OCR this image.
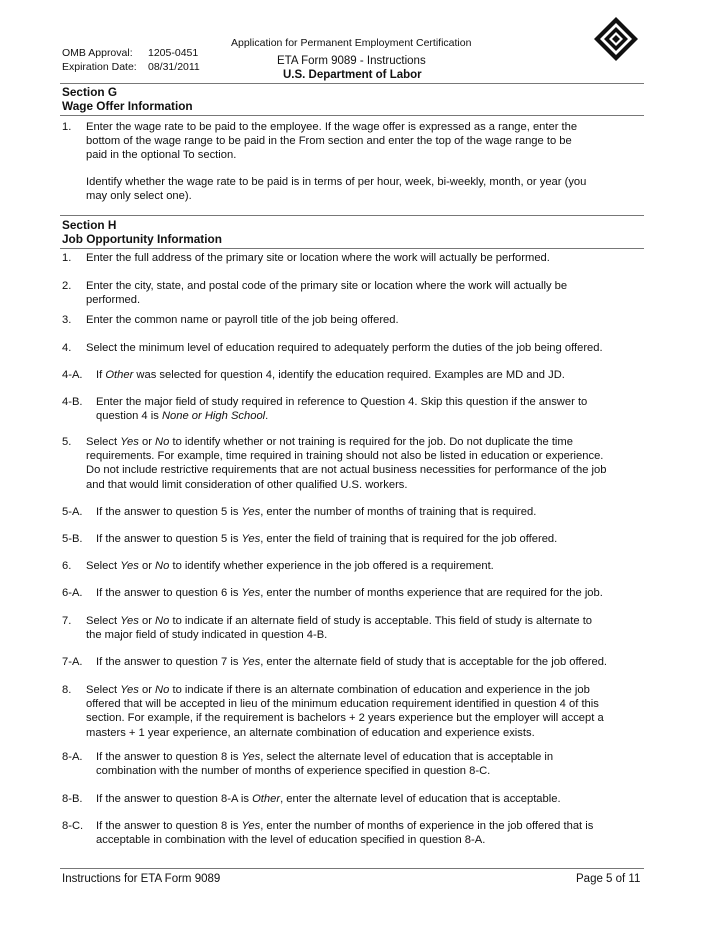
Application for Permanent Employment Certification
OMB Approval: 1205-0451
Expiration Date: 08/31/2011	ETA Form 9089 - Instructions
U.S. Department of Labor
Section G
Wage Offer Information
1.	Enter the wage rate to be paid to the employee. If the wage offer is expressed as a range, enter the
bottom of the wage range to be paid in the From section and enter the top of the wage range to be
paid in the optional To section.
Identify whether the wage rate to be paid is in terms of per hour, week, bi-weekly, month, or year (you
may only select one).
Section H
Job Opportunity Information
1.	Enter the full address of the primary site or location where the work will actually be performed.
2.	Enter the city, state, and postal code of the primary site or location where the work will actually be
performed.
3.	Enter the common name or payroll title of the job being offered.
4.	Select the minimum level of education required to adequately perform the duties of the job being offered.
4-A.	If Other was selected for question 4, identify the education required. Examples are MD and JD.
4-B.	Enter the major field of study required in reference to Question 4. Skip this question if the answer to
question 4 is None or High School.
5.	Select Yes or No to identify whether or not training is required for the job. Do not duplicate the time
requirements. For example, time required in training should not also be listed in education or experience.
Do not include restrictive requirements that are not actual business necessities for performance of the job
and that would limit consideration of other qualified U.S. workers.
5-A.	If the answer to question 5 is Yes, enter the number of months of training that is required.
5-B.	If the answer to question 5 is Yes, enter the field of training that is required for the job offered.
6.	Select Yes or No to identify whether experience in the job offered is a requirement.
6-A.	If the answer to question 6 is Yes, enter the number of months experience that are required for the job.
7.	Select Yes or No to indicate if an alternate field of study is acceptable. This field of study is alternate to
the major field of study indicated in question 4-B.
7-A.	If the answer to question 7 is Yes, enter the alternate field of study that is acceptable for the job offered.
8.	Select Yes or No to indicate if there is an alternate combination of education and experience in the job
offered that will be accepted in lieu of the minimum education requirement identified in question 4 of this
section. For example, if the requirement is bachelors + 2 years experience but the employer will accept a
masters + 1 year experience, an alternate combination of education and experience exists.
8-A.	If the answer to question 8 is Yes, select the alternate level of education that is acceptable in
combination with the number of months of experience specified in question 8-C.
8-B.	If the answer to question 8-A is Other, enter the alternate level of education that is acceptable.
8-C.	If the answer to question 8 is Yes, enter the number of months of experience in the job offered that is
acceptable in combination with the level of education specified in question 8-A.
Instructions for ETA Form 9089	Page 5 of 11
